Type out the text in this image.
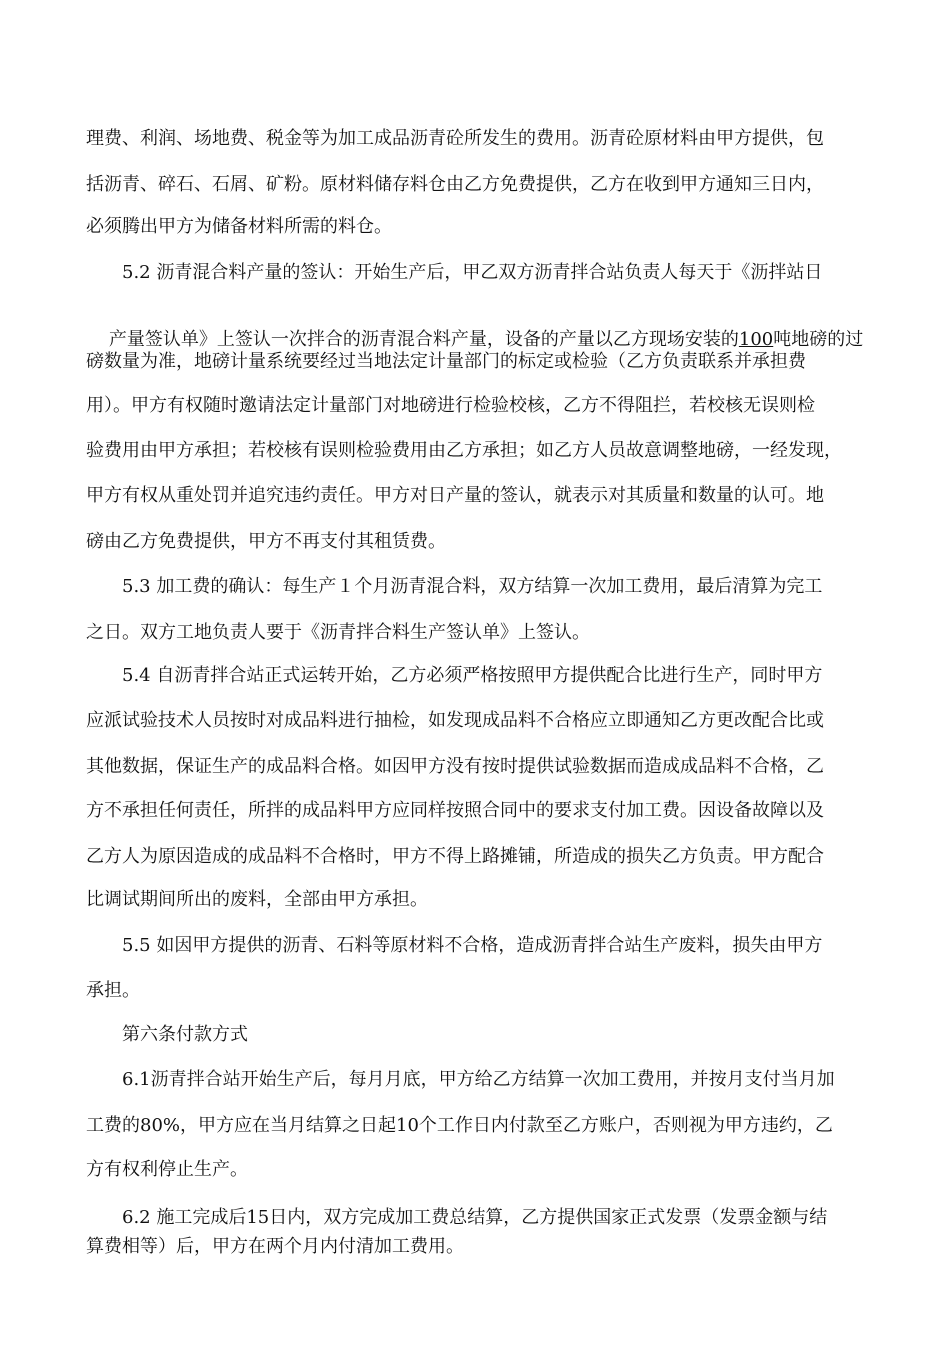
理费、利润、场地费、税金等为加工成品沥青砼所发生的费用。沥青砼原材料由甲方提供，包
括沥青、碎石、石屑、矿粉。原材料储存料仓由乙方免费提供，乙方在收到甲方通知三日内，
必须腾出甲方为储备材料所需的料仓。
5.2 沥青混合料产量的签认：开始生产后，甲乙双方沥青拌合站负责人每天于《沥拌站日

产量签认单》上签认一次拌合的沥青混合料产量，设备的产量以乙方现场安装的100吨地磅的过

磅数量为准，地磅计量系统要经过当地法定计量部门的标定或检验（乙方负责联系并承担费
用）。甲方有权随时邀请法定计量部门对地磅进行检验校核，乙方不得阻拦，若校核无误则检
验费用由甲方承担；若校核有误则检验费用由乙方承担；如乙方人员故意调整地磅，一经发现，
甲方有权从重处罚并追究违约责任。甲方对日产量的签认，就表示对其质量和数量的认可。地
磅由乙方免费提供，甲方不再支付其租赁费。
5.3 加工费的确认：每生产１个月沥青混合料，双方结算一次加工费用，最后清算为完工
之日。双方工地负责人要于《沥青拌合料生产签认单》上签认。
5.4 自沥青拌合站正式运转开始，乙方必须严格按照甲方提供配合比进行生产，同时甲方
应派试验技术人员按时对成品料进行抽检，如发现成品料不合格应立即通知乙方更改配合比或
其他数据，保证生产的成品料合格。如因甲方没有按时提供试验数据而造成成品料不合格，乙
方不承担任何责任，所拌的成品料甲方应同样按照合同中的要求支付加工费。因设备故障以及
乙方人为原因造成的成品料不合格时，甲方不得上路摊铺，所造成的损失乙方负责。甲方配合
比调试期间所出的废料，全部由甲方承担。
5.5 如因甲方提供的沥青、石料等原材料不合格，造成沥青拌合站生产废料，损失由甲方
承担。
第六条付款方式
6.1沥青拌合站开始生产后，每月月底，甲方给乙方结算一次加工费用，并按月支付当月加
工费的80%，甲方应在当月结算之日起10个工作日内付款至乙方账户，否则视为甲方违约，乙
方有权利停止生产。
6.2 施工完成后15日内，双方完成加工费总结算，乙方提供国家正式发票（发票金额与结
算费相等）后，甲方在两个月内付清加工费用。
